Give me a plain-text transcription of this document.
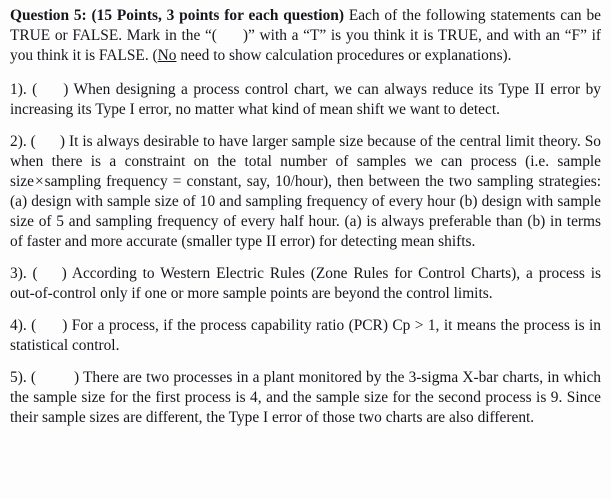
Question 5: (15 Points, 3 points for each question) Each of the following statements can be TRUE or FALSE. Mark in the “( )” with a “T” is you think it is TRUE, and with an “F” if you think it is FALSE. (No need to show calculation procedures or explanations).

1). ( ) When designing a process control chart, we can always reduce its Type II error by increasing its Type I error, no matter what kind of mean shift we want to detect.

2). ( ) It is always desirable to have larger sample size because of the central limit theory. So when there is a constraint on the total number of samples we can process (i.e. sample size×sampling frequency = constant, say, 10/hour), then between the two sampling strategies: (a) design with sample size of 10 and sampling frequency of every hour (b) design with sample size of 5 and sampling frequency of every half hour. (a) is always preferable than (b) in terms of faster and more accurate (smaller type II error) for detecting mean shifts.

3). ( ) According to Western Electric Rules (Zone Rules for Control Charts), a process is out-of-control only if one or more sample points are beyond the control limits.

4). ( ) For a process, if the process capability ratio (PCR) Cp > 1, it means the process is in statistical control.

5). ( ) There are two processes in a plant monitored by the 3-sigma X-bar charts, in which the sample size for the first process is 4, and the sample size for the second process is 9. Since their sample sizes are different, the Type I error of those two charts are also different.
